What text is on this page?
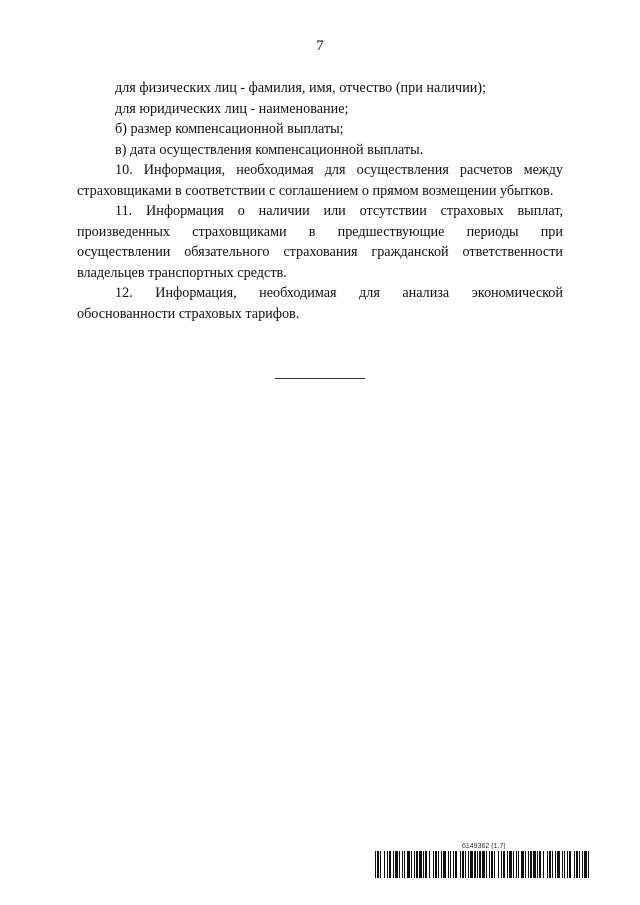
7
для физических лиц - фамилия, имя, отчество (при наличии);
для юридических лиц - наименование;
б) размер компенсационной выплаты;
в) дата осуществления компенсационной выплаты.
10. Информация, необходимая для осуществления расчетов между страховщиками в соответствии с соглашением о прямом возмещении убытков.
11. Информация о наличии или отсутствии страховых выплат, произведенных страховщиками в предшествующие периоды при осуществлении обязательного страхования гражданской ответственности владельцев транспортных средств.
12. Информация, необходимая для анализа экономической обоснованности страховых тарифов.
6149362 (1.7)
